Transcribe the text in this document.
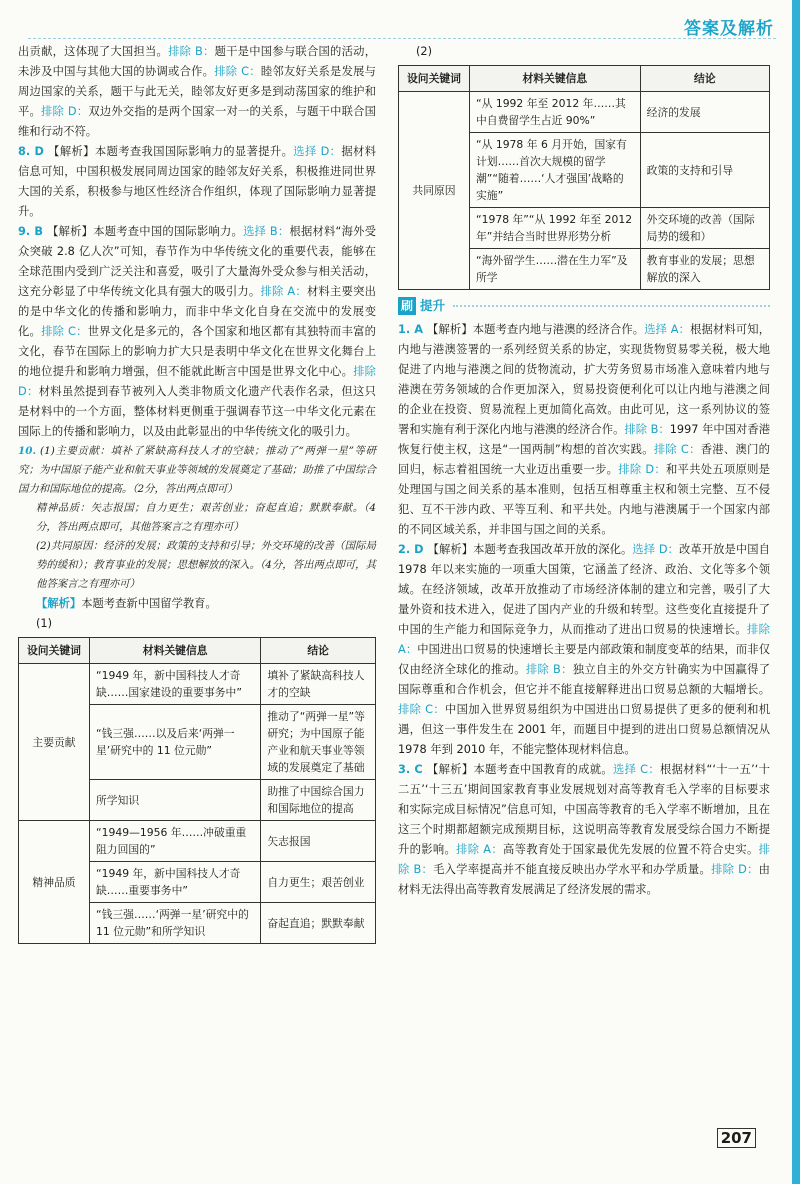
答案及解析

出贡献，这体现了大国担当。排除 B：题干是中国参与联合国的活动，未涉及中国与其他大国的协调或合作。排除 C：睦邻友好关系是发展与周边国家的关系，题干与此无关，睦邻友好更多是到动荡国家的维护和平。排除 D：双边外交指的是两个国家一对一的关系，与题干中联合国维和行动不符。

8. D 【解析】本题考查我国国际影响力的显著提升。选择 D：据材料信息可知，中国积极发展同周边国家的睦邻友好关系，积极推进同世界大国的关系，积极参与地区性经济合作组织，体现了国际影响力显著提升。

9. B 【解析】本题考查中国的国际影响力。选择 B：根据材料“海外受众突破 2.8 亿人次”可知，春节作为中华传统文化的重要代表，能够在全球范围内受到广泛关注和喜爱，吸引了大量海外受众参与相关活动，这充分彰显了中华传统文化具有强大的吸引力。排除 A：材料主要突出的是中华文化的传播和影响力，而非中华文化自身在交流中的发展变化。排除 C：世界文化是多元的，各个国家和地区都有其独特而丰富的文化，春节在国际上的影响力扩大只是表明中华文化在世界文化舞台上的地位提升和影响力增强，但不能就此断言中国是世界文化中心。排除 D：材料虽然提到春节被列入人类非物质文化遗产代表作名录，但这只是材料中的一个方面，整体材料更侧重于强调春节这一中华文化元素在国际上的传播和影响力，以及由此彰显出的中华传统文化的吸引力。

10. (1)主要贡献：填补了紧缺高科技人才的空缺；推动了“两弹一星”等研究；为中国原子能产业和航天事业等领域的发展奠定了基础；助推了中国综合国力和国际地位的提高。（2分，答出两点即可）

精神品质：矢志报国；自力更生；艰苦创业；奋起直追；默默奉献。（4分，答出两点即可，其他答案言之有理亦可）

(2)共同原因：经济的发展；政策的支持和引导；外交环境的改善（国际局势的缓和）；教育事业的发展；思想解放的深入。（4分，答出两点即可，其他答案言之有理亦可）

【解析】本题考查新中国留学教育。

(1)

设问关键词	材料关键信息	结论
主要贡献	“1949 年，新中国科技人才奇缺……国家建设的重要事务中”	填补了紧缺高科技人才的空缺
	“钱三强……以及后来‘两弹一星’研究中的 11 位元勋”	推动了“两弹一星”等研究；为中国原子能产业和航天事业等领域的发展奠定了基础
	所学知识	助推了中国综合国力和国际地位的提高
精神品质	“1949—1956 年……冲破重重阻力回国的”	矢志报国
	“1949 年，新中国科技人才奇缺……重要事务中”	自力更生；艰苦创业
	“钱三强……‘两弹一星’研究中的 11 位元勋”和所学知识	奋起直追；默默奉献

(2)

设问关键词	材料关键信息	结论
共同原因	“从 1992 年至 2012 年……其中自费留学生占近 90%”	经济的发展
	“从 1978 年 6 月开始，国家有计划……首次大规模的留学潮”“随着……‘人才强国’战略的实施”	政策的支持和引导
	“1978 年”“从 1992 年至 2012 年”并结合当时世界形势分析	外交环境的改善（国际局势的缓和）
	“海外留学生……潜在生力军”及所学	教育事业的发展；思想解放的深入
刷 提升

1. A 【解析】本题考查内地与港澳的经济合作。选择 A：根据材料可知，内地与港澳签署的一系列经贸关系的协定，实现货物贸易零关税，极大地促进了内地与港澳之间的货物流动，扩大劳务贸易市场准入意味着内地与港澳在劳务领域的合作更加深入，贸易投资便利化可以让内地与港澳之间的企业在投资、贸易流程上更加简化高效。由此可见，这一系列协议的签署和实施有利于深化内地与港澳的经济合作。排除 B：1997 年中国对香港恢复行使主权，这是“一国两制”构想的首次实践。排除 C：香港、澳门的回归，标志着祖国统一大业迈出重要一步。排除 D：和平共处五项原则是处理国与国之间关系的基本准则，包括互相尊重主权和领土完整、互不侵犯、互不干涉内政、平等互利、和平共处。内地与港澳属于一个国家内部的不同区域关系，并非国与国之间的关系。

2. D 【解析】本题考查我国改革开放的深化。选择 D：改革开放是中国自 1978 年以来实施的一项重大国策，它涵盖了经济、政治、文化等多个领域。在经济领域，改革开放推动了市场经济体制的建立和完善，吸引了大量外资和技术进入，促进了国内产业的升级和转型。这些变化直接提升了中国的生产能力和国际竞争力，从而推动了进出口贸易的快速增长。排除 A：中国进出口贸易的快速增长主要是内部政策和制度变革的结果，而非仅仅由经济全球化的推动。排除 B：独立自主的外交方针确实为中国赢得了国际尊重和合作机会，但它并不能直接解释进出口贸易总额的大幅增长。排除 C：中国加入世界贸易组织为中国进出口贸易提供了更多的便利和机遇，但这一事件发生在 2001 年，而题目中提到的进出口贸易总额情况从 1978 年到 2010 年，不能完整体现材料信息。

3. C 【解析】本题考查中国教育的成就。选择 C：根据材料“‘十一五’‘十二五’‘十三五’期间国家教育事业发展规划对高等教育毛入学率的目标要求和实际完成目标情况”信息可知，中国高等教育的毛入学率不断增加，且在这三个时期都超额完成预期目标，这说明高等教育发展受综合国力不断提升的影响。排除 A：高等教育处于国家最优先发展的位置不符合史实。排除 B：毛入学率提高并不能直接反映出办学水平和办学质量。排除 D：由材料无法得出高等教育发展满足了经济发展的需求。

207
